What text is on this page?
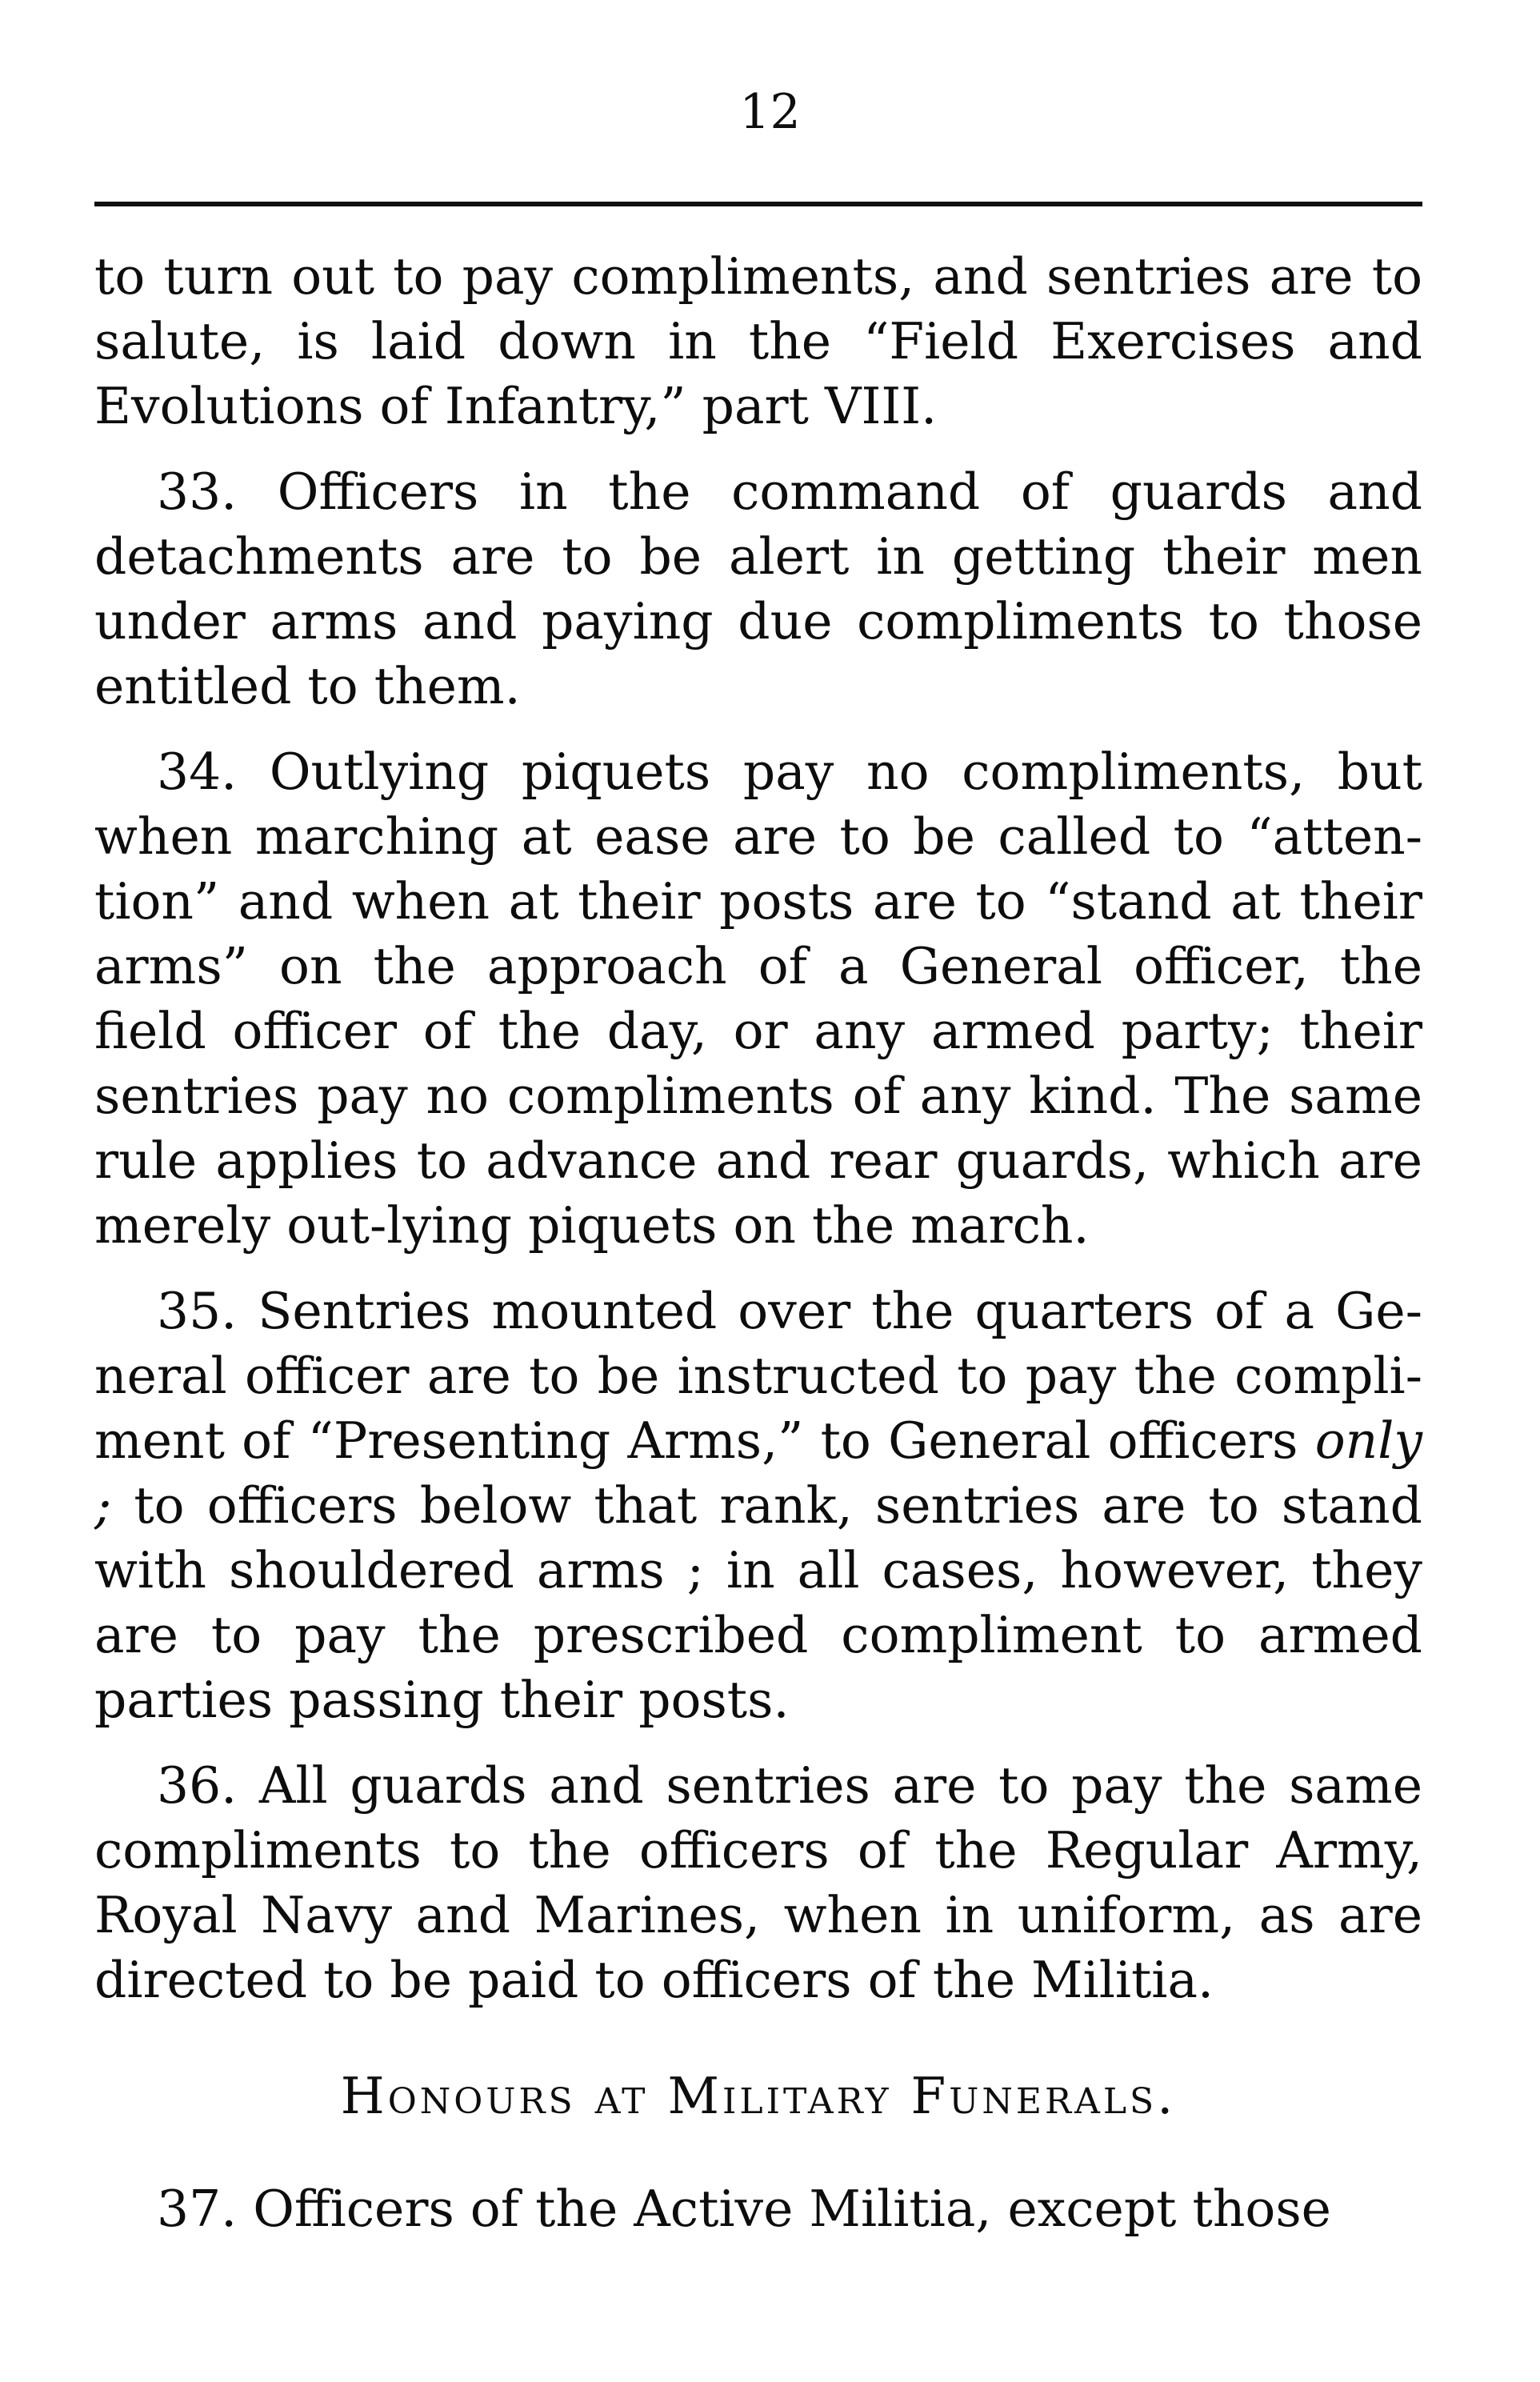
12

to turn out to pay compliments, and sentries are to salute, is laid down in the “Field Exercises and Evolutions of Infantry,” part VIII.

33. Officers in the command of guards and detachments are to be alert in getting their men under arms and paying due compliments to those entitled to them.

34. Outlying piquets pay no compliments, but when marching at ease are to be called to “attention” and when at their posts are to “stand at their arms” on the approach of a General officer, the field officer of the day, or any armed party; their sentries pay no compliments of any kind. The same rule applies to advance and rear guards, which are merely out-lying piquets on the march.

35. Sentries mounted over the quarters of a General officer are to be instructed to pay the compliment of “Presenting Arms,” to General officers only ; to officers below that rank, sentries are to stand with shouldered arms ; in all cases, however, they are to pay the prescribed compliment to armed parties passing their posts.

36. All guards and sentries are to pay the same compliments to the officers of the Regular Army, Royal Navy and Marines, when in uniform, as are directed to be paid to officers of the Militia.

Honours at Military Funerals.

37. Officers of the Active Militia, except those
